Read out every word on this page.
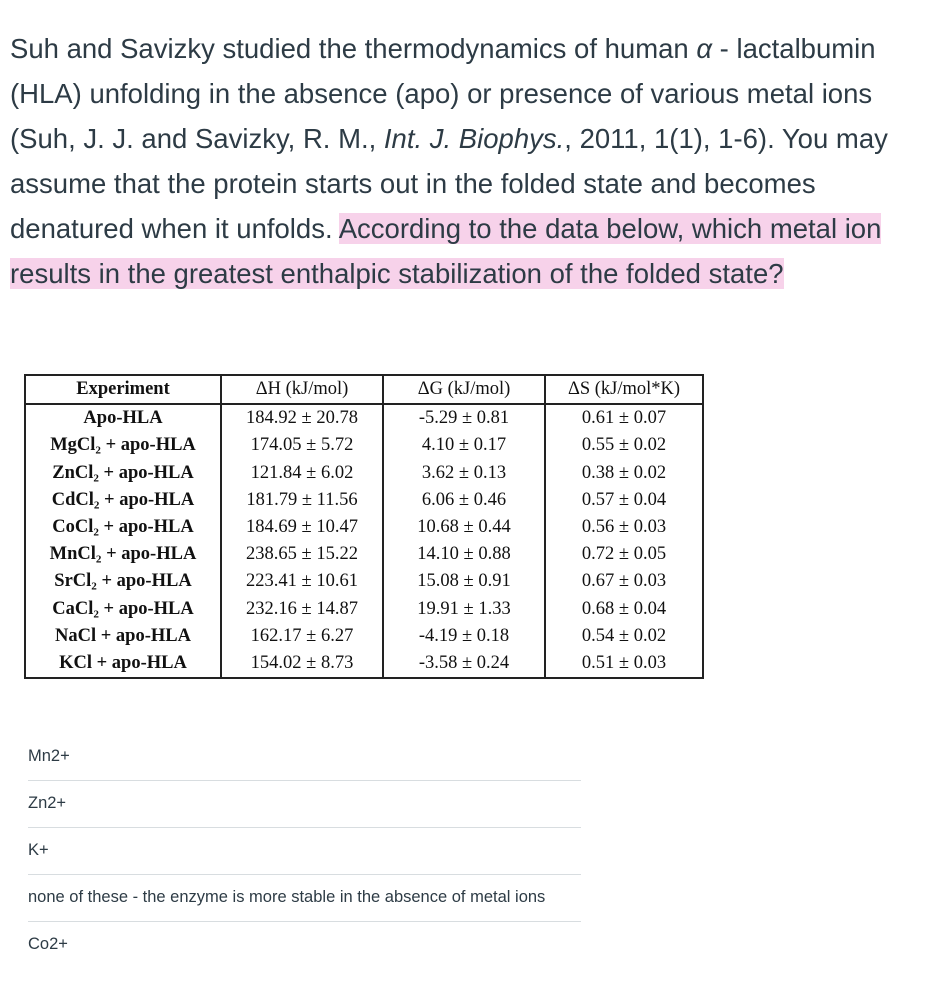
Suh and Savizky studied the thermodynamics of human α - lactalbumin (HLA) unfolding in the absence (apo) or presence of various metal ions (Suh, J. J. and Savizky, R. M., Int. J. Biophys., 2011, 1(1), 1-6). You may assume that the protein starts out in the folded state and becomes denatured when it unfolds. According to the data below, which metal ion results in the greatest enthalpic stabilization of the folded state?
Experiment	ΔH (kJ/mol)	ΔG (kJ/mol)	ΔS (kJ/mol*K)
Apo-HLA	184.92 ± 20.78	-5.29 ± 0.81	0.61 ± 0.07
MgCl₂ + apo-HLA	174.05 ± 5.72	4.10 ± 0.17	0.55 ± 0.02
ZnCl₂ + apo-HLA	121.84 ± 6.02	3.62 ± 0.13	0.38 ± 0.02
CdCl₂ + apo-HLA	181.79 ± 11.56	6.06 ± 0.46	0.57 ± 0.04
CoCl₂ + apo-HLA	184.69 ± 10.47	10.68 ± 0.44	0.56 ± 0.03
MnCl₂ + apo-HLA	238.65 ± 15.22	14.10 ± 0.88	0.72 ± 0.05
SrCl₂ + apo-HLA	223.41 ± 10.61	15.08 ± 0.91	0.67 ± 0.03
CaCl₂ + apo-HLA	232.16 ± 14.87	19.91 ± 1.33	0.68 ± 0.04
NaCl + apo-HLA	162.17 ± 6.27	-4.19 ± 0.18	0.54 ± 0.02
KCl + apo-HLA	154.02 ± 8.73	-3.58 ± 0.24	0.51 ± 0.03
Mn2+
Zn2+
K+
none of these - the enzyme is more stable in the absence of metal ions
Co2+
